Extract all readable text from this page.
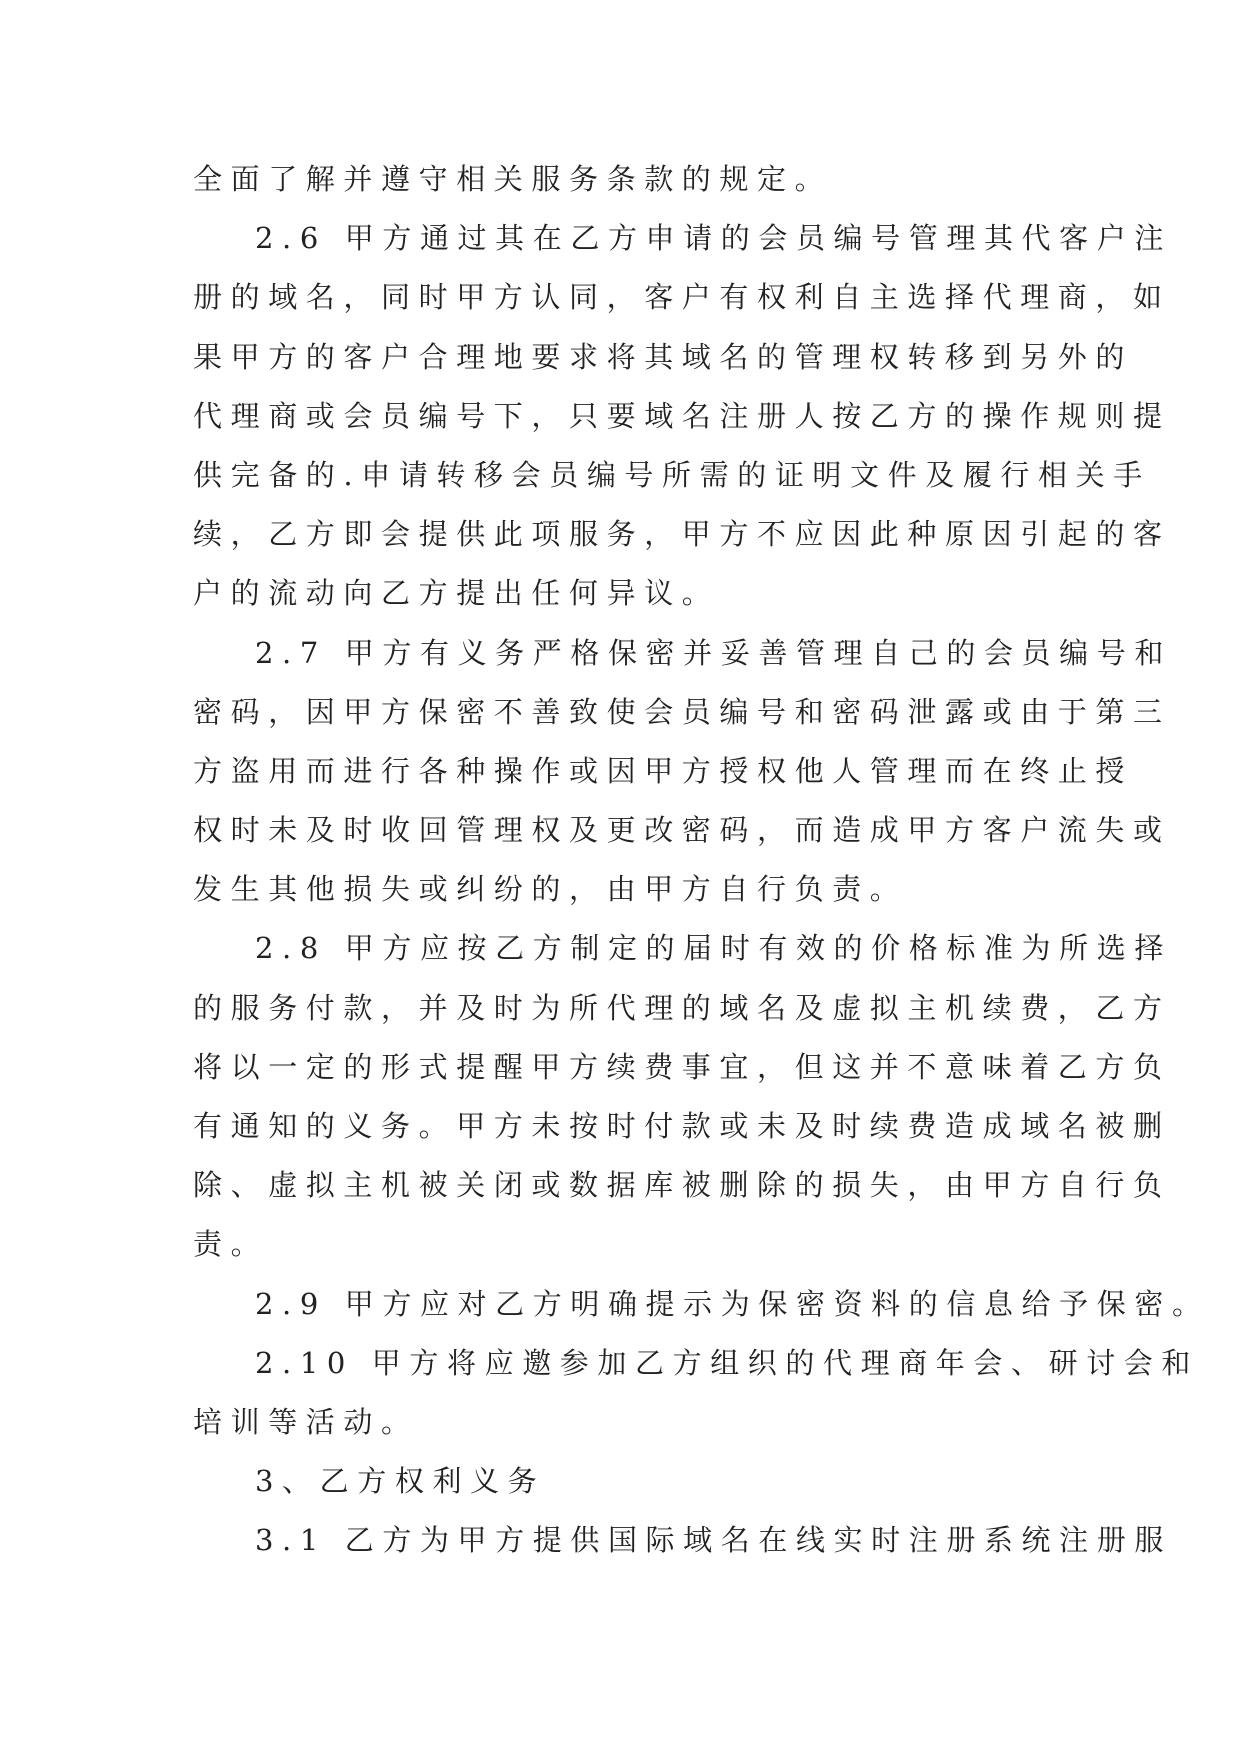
全面了解并遵守相关服务条款的规定。
2.6 甲方通过其在乙方申请的会员编号管理其代客户注
册的域名，同时甲方认同，客户有权利自主选择代理商，如
果甲方的客户合理地要求将其域名的管理权转移到另外的
代理商或会员编号下，只要域名注册人按乙方的操作规则提
供完备的.申请转移会员编号所需的证明文件及履行相关手
续，乙方即会提供此项服务，甲方不应因此种原因引起的客
户的流动向乙方提出任何异议。
2.7 甲方有义务严格保密并妥善管理自己的会员编号和
密码，因甲方保密不善致使会员编号和密码泄露或由于第三
方盗用而进行各种操作或因甲方授权他人管理而在终止授
权时未及时收回管理权及更改密码，而造成甲方客户流失或
发生其他损失或纠纷的，由甲方自行负责。
2.8 甲方应按乙方制定的届时有效的价格标准为所选择
的服务付款，并及时为所代理的域名及虚拟主机续费，乙方
将以一定的形式提醒甲方续费事宜，但这并不意味着乙方负
有通知的义务。甲方未按时付款或未及时续费造成域名被删
除、虚拟主机被关闭或数据库被删除的损失，由甲方自行负
责。
2.9 甲方应对乙方明确提示为保密资料的信息给予保密。
2.10 甲方将应邀参加乙方组织的代理商年会、研讨会和
培训等活动。
3、乙方权利义务
3.1 乙方为甲方提供国际域名在线实时注册系统注册服
